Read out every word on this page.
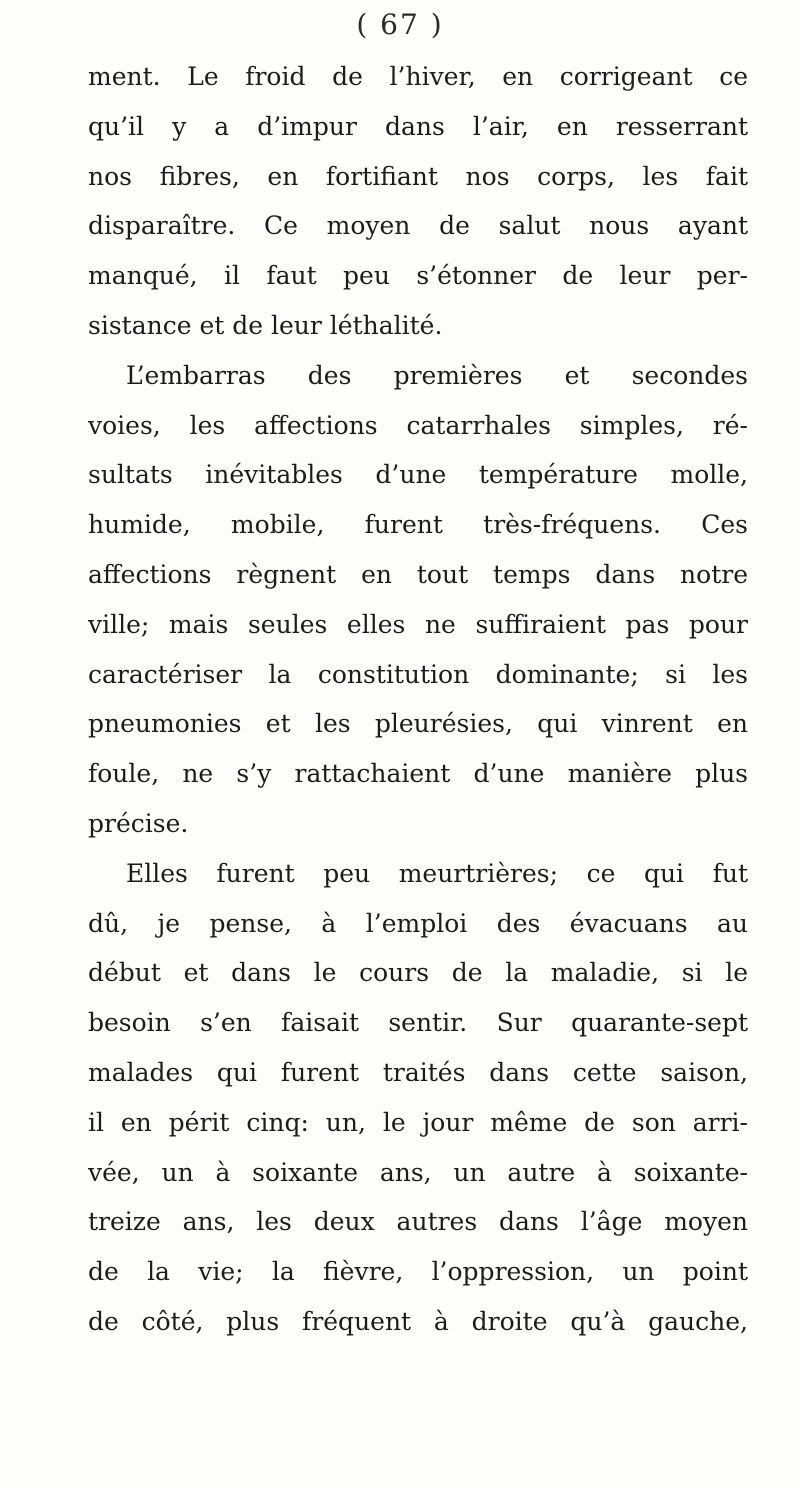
( 67 )
ment. Le froid de l’hiver, en corrigeant ce
qu’il y a d’impur dans l’air, en resserrant
nos fibres, en fortifiant nos corps, les fait
disparaître. Ce moyen de salut nous ayant
manqué, il faut peu s’étonner de leur per-
sistance et de leur léthalité.
L’embarras des premières et secondes
voies, les affections catarrhales simples, ré-
sultats inévitables d’une température molle,
humide, mobile, furent très-fréquens. Ces
affections règnent en tout temps dans notre
ville; mais seules elles ne suffiraient pas pour
caractériser la constitution dominante; si les
pneumonies et les pleurésies, qui vinrent en
foule, ne s’y rattachaient d’une manière plus
précise.
Elles furent peu meurtrières; ce qui fut
dû, je pense, à l’emploi des évacuans au
début et dans le cours de la maladie, si le
besoin s’en faisait sentir. Sur quarante-sept
malades qui furent traités dans cette saison,
il en périt cinq: un, le jour même de son arri-
vée, un à soixante ans, un autre à soixante-
treize ans, les deux autres dans l’âge moyen
de la vie; la fièvre, l’oppression, un point
de côté, plus fréquent à droite qu’à gauche,
